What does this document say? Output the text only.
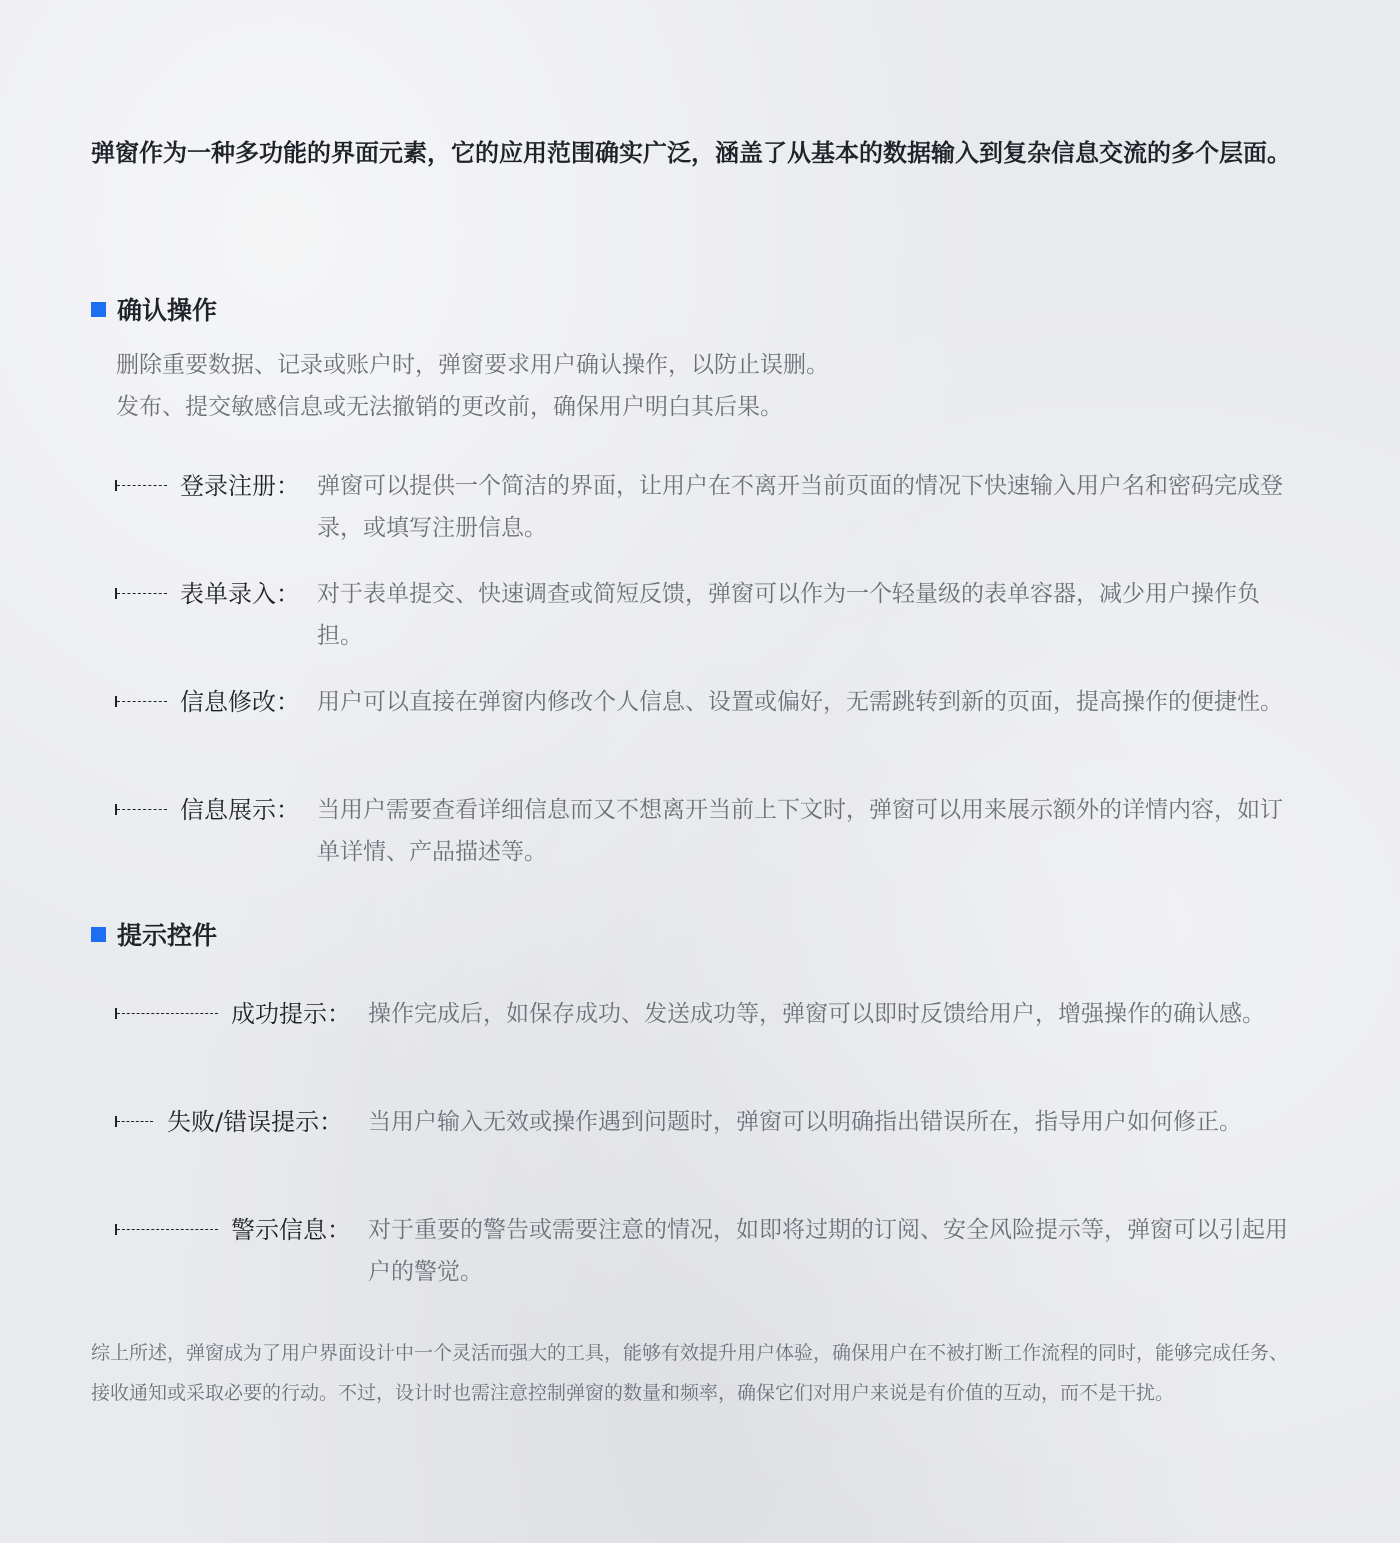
弹窗作为一种多功能的界面元素，它的应用范围确实广泛，涵盖了从基本的数据输入到复杂信息交流的多个层面。

确认操作

删除重要数据、记录或账户时，弹窗要求用户确认操作，以防止误删。

发布、提交敏感信息或无法撤销的更改前，确保用户明白其后果。

登录注册： 弹窗可以提供一个简洁的界面，让用户在不离开当前页面的情况下快速输入用户名和密码完成登录，或填写注册信息。

表单录入： 对于表单提交、快速调查或简短反馈，弹窗可以作为一个轻量级的表单容器，减少用户操作负担。

信息修改： 用户可以直接在弹窗内修改个人信息、设置或偏好，无需跳转到新的页面，提高操作的便捷性。

信息展示： 当用户需要查看详细信息而又不想离开当前上下文时，弹窗可以用来展示额外的详情内容，如订单详情、产品描述等。

提示控件
成功提示： 操作完成后，如保存成功、发送成功等，弹窗可以即时反馈给用户，增强操作的确认感。

失败/错误提示： 当用户输入无效或操作遇到问题时，弹窗可以明确指出错误所在，指导用户如何修正。

警示信息： 对于重要的警告或需要注意的情况，如即将过期的订阅、安全风险提示等，弹窗可以引起用户的警觉。

综上所述，弹窗成为了用户界面设计中一个灵活而强大的工具，能够有效提升用户体验，确保用户在不被打断工作流程的同时，能够完成任务、接收通知或采取必要的行动。不过，设计时也需注意控制弹窗的数量和频率，确保它们对用户来说是有价值的互动，而不是干扰。
